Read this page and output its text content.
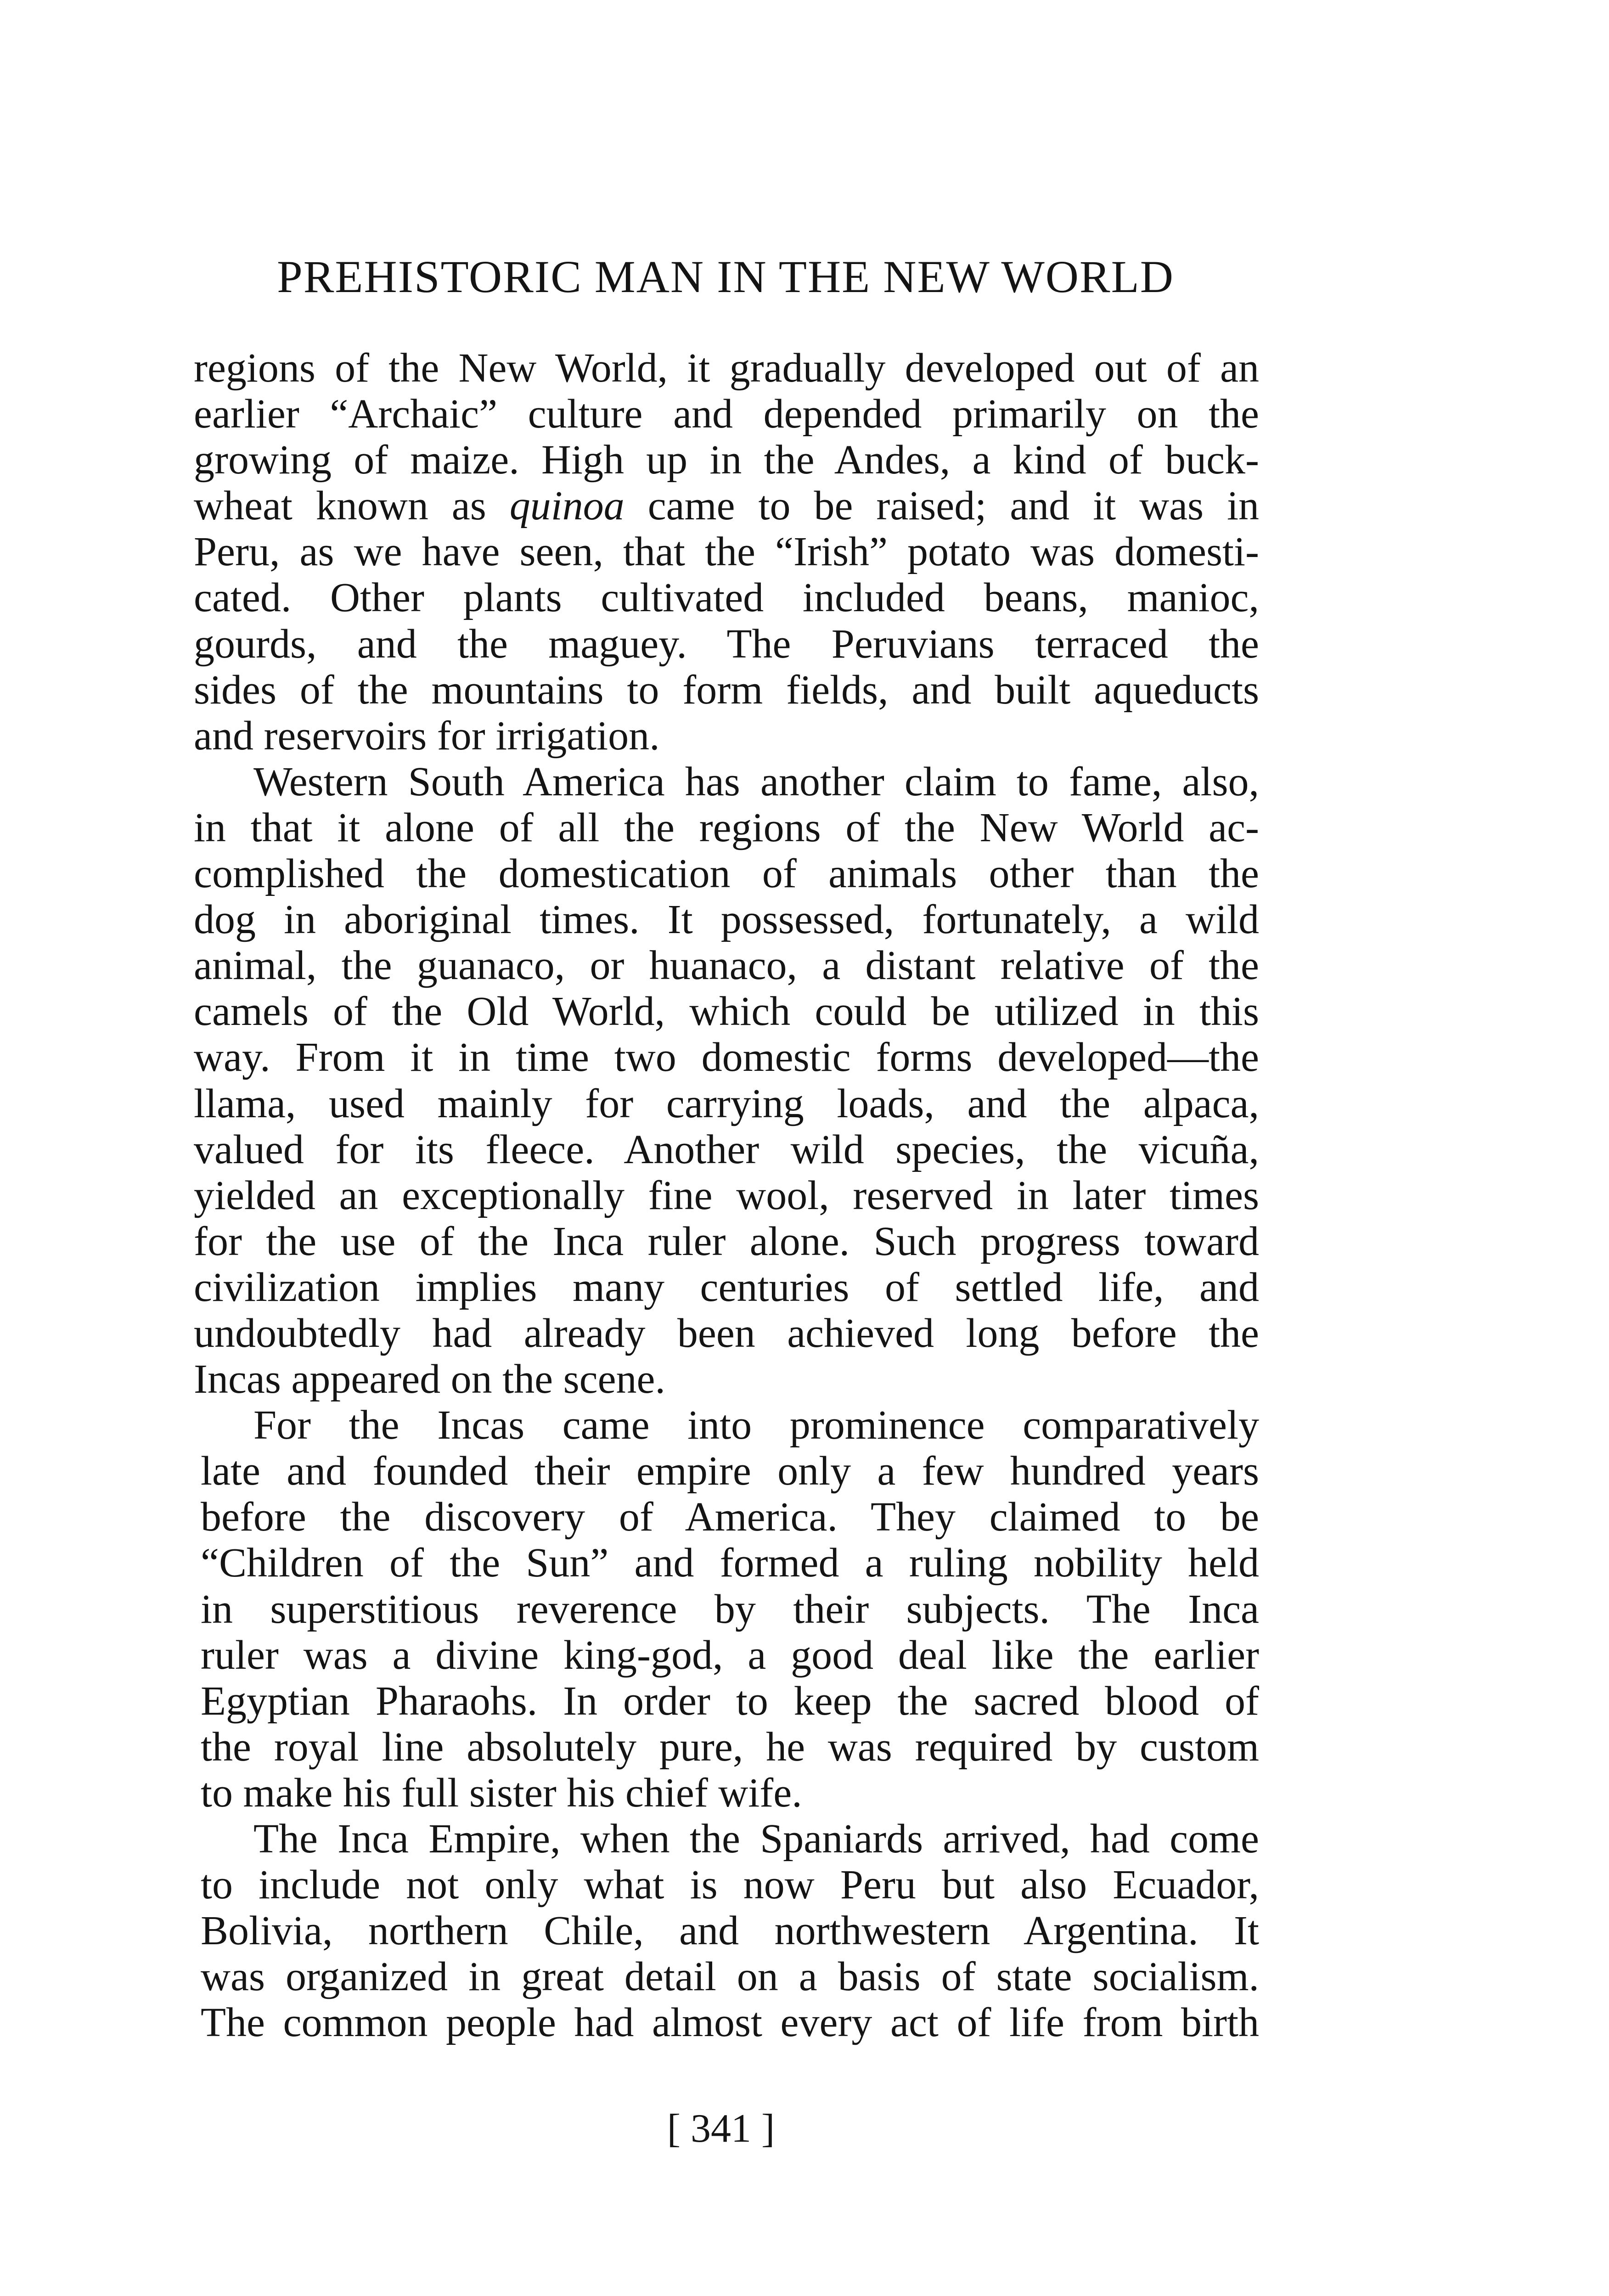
PREHISTORIC MAN IN THE NEW WORLD
regions of the New World, it gradually developed out of an
earlier “Archaic” culture and depended primarily on the
growing of maize. High up in the Andes, a kind of buck-
wheat known as quinoa came to be raised; and it was in
Peru, as we have seen, that the “Irish” potato was domesti-
cated. Other plants cultivated included beans, manioc,
gourds, and the maguey. The Peruvians terraced the
sides of the mountains to form fields, and built aqueducts
and reservoirs for irrigation.
Western South America has another claim to fame, also,
in that it alone of all the regions of the New World ac-
complished the domestication of animals other than the
dog in aboriginal times. It possessed, fortunately, a wild
animal, the guanaco, or huanaco, a distant relative of the
camels of the Old World, which could be utilized in this
way. From it in time two domestic forms developed—the
llama, used mainly for carrying loads, and the alpaca,
valued for its fleece. Another wild species, the vicuña,
yielded an exceptionally fine wool, reserved in later times
for the use of the Inca ruler alone. Such progress toward
civilization implies many centuries of settled life, and
undoubtedly had already been achieved long before the
Incas appeared on the scene.
For the Incas came into prominence comparatively
late and founded their empire only a few hundred years
before the discovery of America. They claimed to be
“Children of the Sun” and formed a ruling nobility held
in superstitious reverence by their subjects. The Inca
ruler was a divine king-god, a good deal like the earlier
Egyptian Pharaohs. In order to keep the sacred blood of
the royal line absolutely pure, he was required by custom
to make his full sister his chief wife.
The Inca Empire, when the Spaniards arrived, had come
to include not only what is now Peru but also Ecuador,
Bolivia, northern Chile, and northwestern Argentina. It
was organized in great detail on a basis of state socialism.
The common people had almost every act of life from birth
[ 341 ]
